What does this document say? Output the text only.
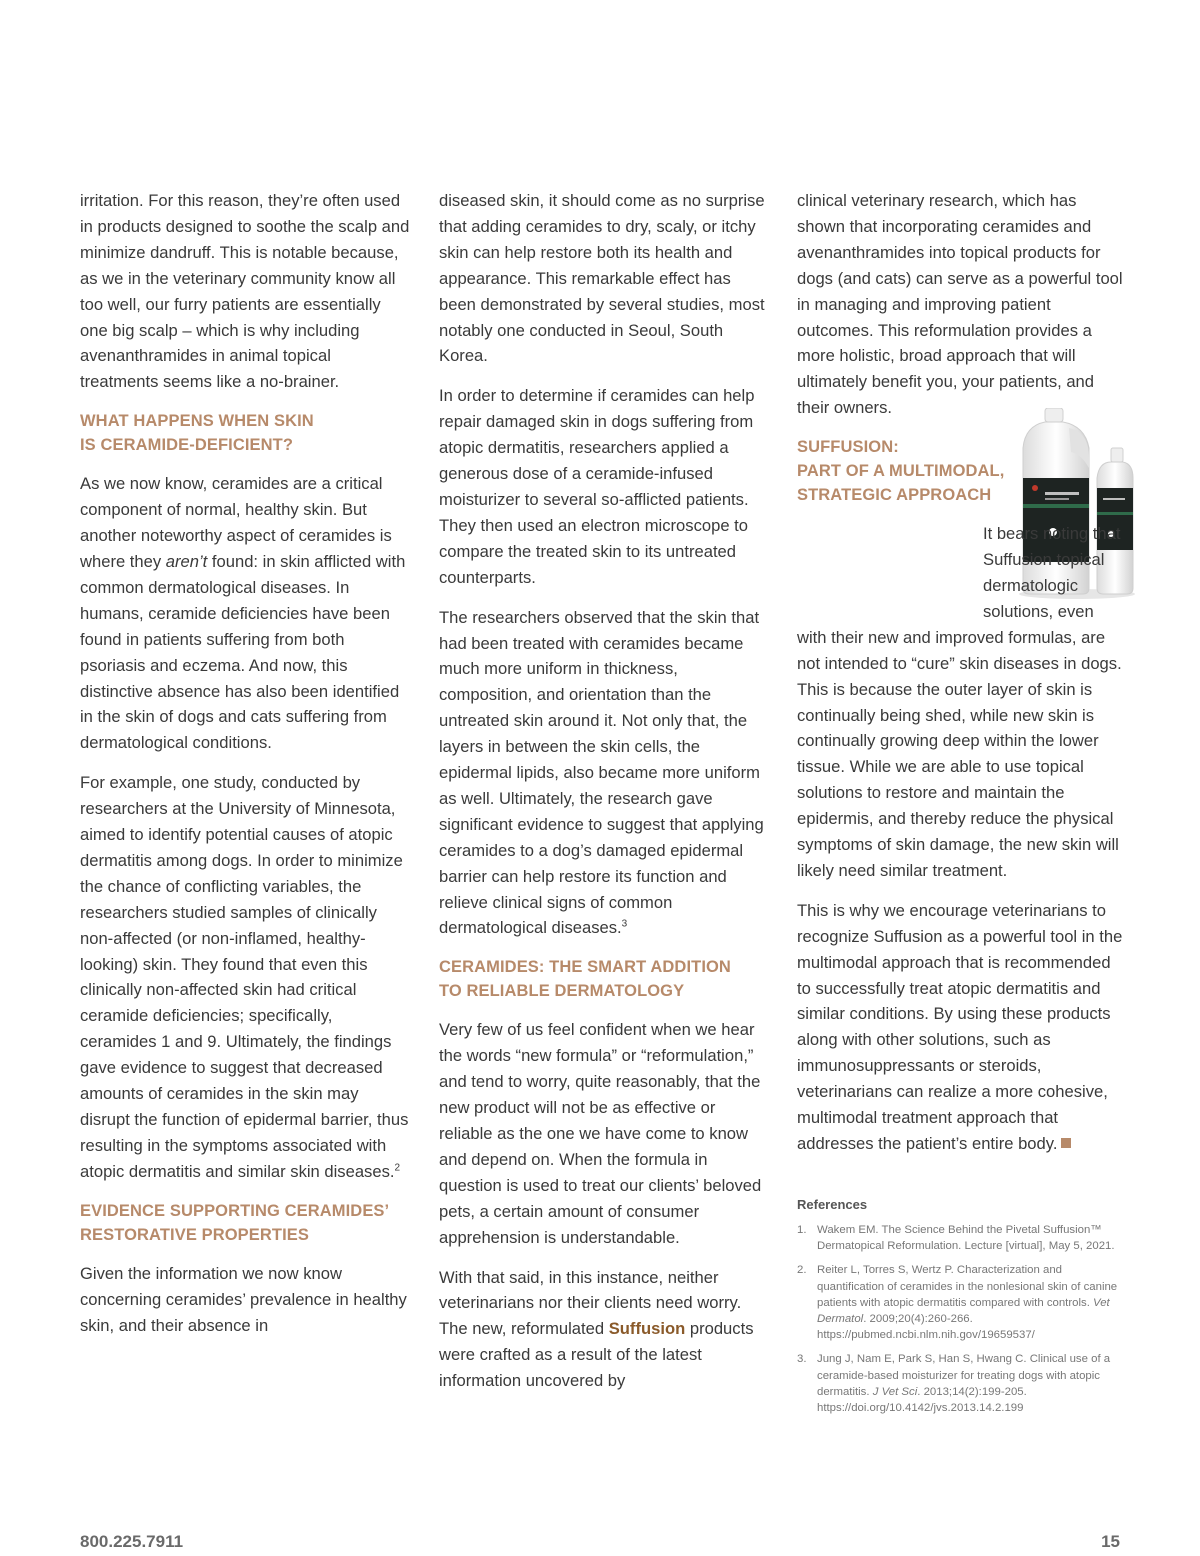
irritation. For this reason, they’re often used in products designed to soothe the scalp and minimize dandruff. This is notable because, as we in the veterinary community know all too well, our furry patients are essentially one big scalp – which is why including avenanthramides in animal topical treatments seems like a no-brainer.

WHAT HAPPENS WHEN SKIN
IS CERAMIDE-DEFICIENT?

As we now know, ceramides are a critical component of normal, healthy skin. But another noteworthy aspect of ceramides is where they aren’t found: in skin afflicted with common dermatological diseases. In humans, ceramide deficiencies have been found in patients suffering from both psoriasis and eczema. And now, this distinctive absence has also been identified in the skin of dogs and cats suffering from dermatological conditions.

For example, one study, conducted by researchers at the University of Minnesota, aimed to identify potential causes of atopic dermatitis among dogs. In order to minimize the chance of conflicting variables, the researchers studied samples of clinically non-affected (or non-inflamed, healthy-looking) skin. They found that even this clinically non-affected skin had critical ceramide deficiencies; specifically, ceramides 1 and 9. Ultimately, the findings gave evidence to suggest that decreased amounts of ceramides in the skin may disrupt the function of epidermal barrier, thus resulting in the symptoms associated with atopic dermatitis and similar skin diseases.$^2$

EVIDENCE SUPPORTING CERAMIDES’
RESTORATIVE PROPERTIES

Given the information we now know concerning ceramides’ prevalence in healthy skin, and their absence in

diseased skin, it should come as no surprise that adding ceramides to dry, scaly, or itchy skin can help restore both its health and appearance. This remarkable effect has been demonstrated by several studies, most notably one conducted in Seoul, South Korea.

In order to determine if ceramides can help repair damaged skin in dogs suffering from atopic dermatitis, researchers applied a generous dose of a ceramide-infused moisturizer to several so-afflicted patients. They then used an electron microscope to compare the treated skin to its untreated counterparts.

The researchers observed that the skin that had been treated with ceramides became much more uniform in thickness, composition, and orientation than the untreated skin around it. Not only that, the layers in between the skin cells, the epidermal lipids, also became more uniform as well. Ultimately, the research gave significant evidence to suggest that applying ceramides to a dog’s damaged epidermal barrier can help restore its function and relieve clinical signs of common dermatological diseases.$^3$

CERAMIDES: THE SMART ADDITION
TO RELIABLE DERMATOLOGY

Very few of us feel confident when we hear the words “new formula” or “reformulation,” and tend to worry, quite reasonably, that the new product will not be as effective or reliable as the one we have come to know and depend on. When the formula in question is used to treat our clients’ beloved pets, a certain amount of consumer apprehension is understandable.

With that said, in this instance, neither veterinarians nor their clients need worry. The new, reformulated Suffusion products were crafted as a result of the latest information uncovered by

clinical veterinary research, which has shown that incorporating ceramides and avenanthramides into topical products for dogs (and cats) can serve as a powerful tool in managing and improving patient outcomes. This reformulation provides a more holistic, broad approach that will ultimately benefit you, your patients, and their owners.

SUFFUSION:
PART OF A MULTIMODAL,
STRATEGIC APPROACH

It bears noting that Suffusion topical dermatologic solutions, even with their new and improved formulas, are not intended to “cure” skin diseases in dogs. This is because the outer layer of skin is continually being shed, while new skin is continually growing deep within the lower tissue. While we are able to use topical solutions to restore and maintain the epidermis, and thereby reduce the physical symptoms of skin damage, the new skin will likely need similar treatment.

This is why we encourage veterinarians to recognize Suffusion as a powerful tool in the multimodal approach that is recommended to successfully treat atopic dermatitis and similar conditions. By using these products along with other solutions, such as immunosuppressants or steroids, veterinarians can realize a more cohesive, multimodal treatment approach that addresses the patient’s entire body.

References
1. Wakem EM. The Science Behind the Pivetal Suffusion™ Dermatopical Reformulation. Lecture [virtual], May 5, 2021.
2. Reiter L, Torres S, Wertz P. Characterization and quantification of ceramides in the nonlesional skin of canine patients with atopic dermatitis compared with controls. Vet Dermatol. 2009;20(4):260-266. https://pubmed.ncbi.nlm.nih.gov/19659537/
3. Jung J, Nam E, Park S, Han S, Hwang C. Clinical use of a ceramide-based moisturizer for treating dogs with atopic dermatitis. J Vet Sci. 2013;14(2):199-205. https://doi.org/10.4142/jvs.2013.14.2.199
800.225.7911	15
